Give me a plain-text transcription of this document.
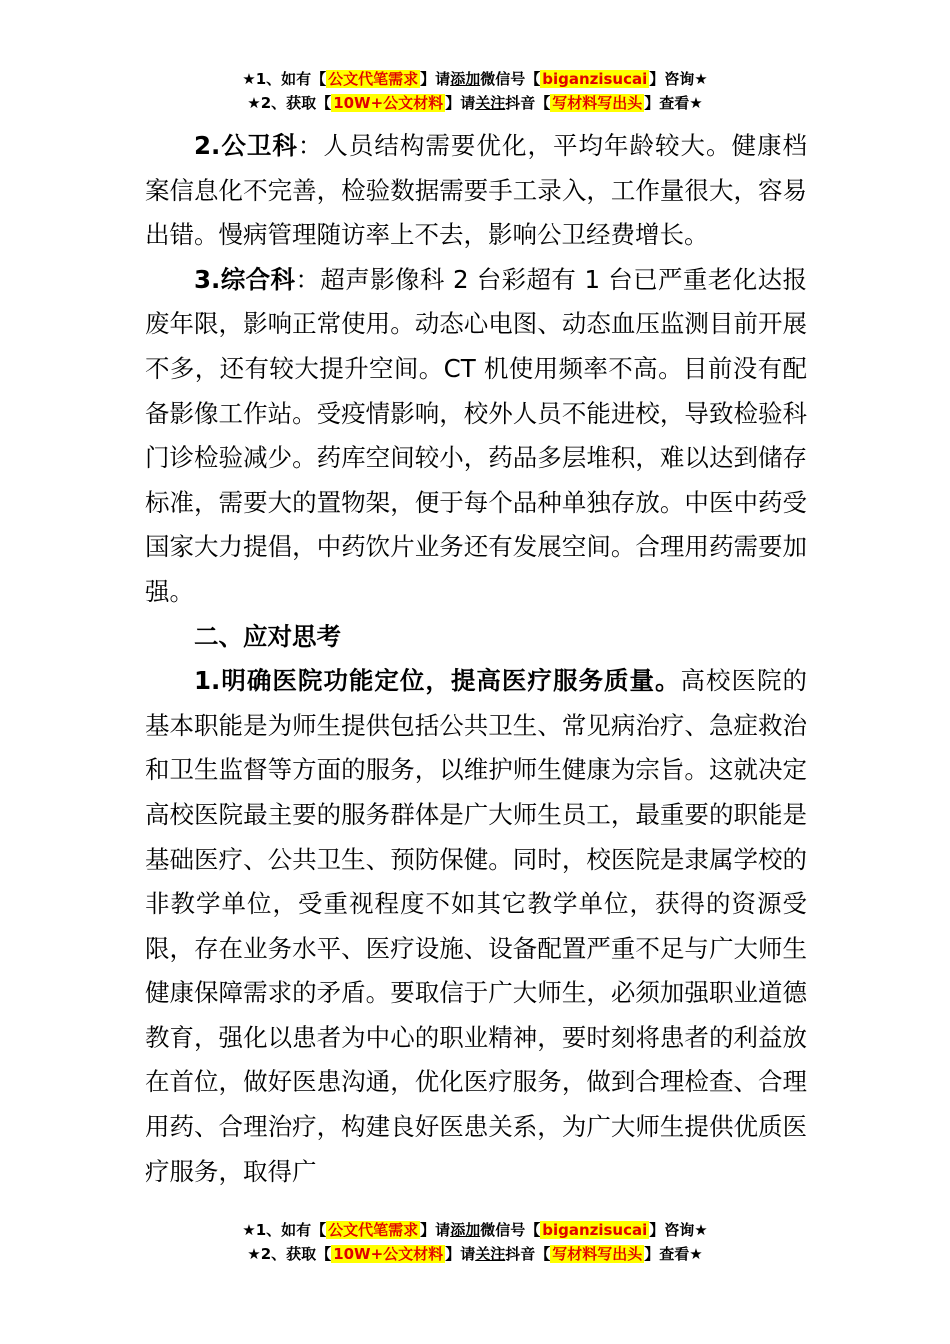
★1、如有【 公文代笔需求 】请添加微信号【 biganzisucai 】咨询★
★2、获取【 10W+公文材料 】请关注抖音【 写材料写出头 】查看★

2.公卫科：人员结构需要优化，平均年龄较大。健康档案信息化不完善，检验数据需要手工录入，工作量很大，容易出错。慢病管理随访率上不去，影响公卫经费增长。

3.综合科：超声影像科 2 台彩超有 1 台已严重老化达报废年限，影响正常使用。动态心电图、动态血压监测目前开展不多，还有较大提升空间。CT 机使用频率不高。目前没有配备影像工作站。受疫情影响，校外人员不能进校，导致检验科门诊检验减少。药库空间较小，药品多层堆积，难以达到储存标准，需要大的置物架，便于每个品种单独存放。中医中药受国家大力提倡，中药饮片业务还有发展空间。合理用药需要加强。

二、应对思考

1.明确医院功能定位，提高医疗服务质量。高校医院的基本职能是为师生提供包括公共卫生、常见病治疗、急症救治和卫生监督等方面的服务，以维护师生健康为宗旨。这就决定高校医院最主要的服务群体是广大师生员工，最重要的职能是基础医疗、公共卫生、预防保健。同时，校医院是隶属学校的非教学单位，受重视程度不如其它教学单位，获得的资源受限，存在业务水平、医疗设施、设备配置严重不足与广大师生健康保障需求的矛盾。要取信于广大师生，必须加强职业道德教育，强化以患者为中心的职业精神，要时刻将患者的利益放在首位，做好医患沟通，优化医疗服务，做到合理检查、合理用药、合理治疗，构建良好医患关系，为广大师生提供优质医疗服务，取得广

★1、如有【 公文代笔需求 】请添加微信号【 biganzisucai 】咨询★
★2、获取【 10W+公文材料 】请关注抖音【 写材料写出头 】查看★
